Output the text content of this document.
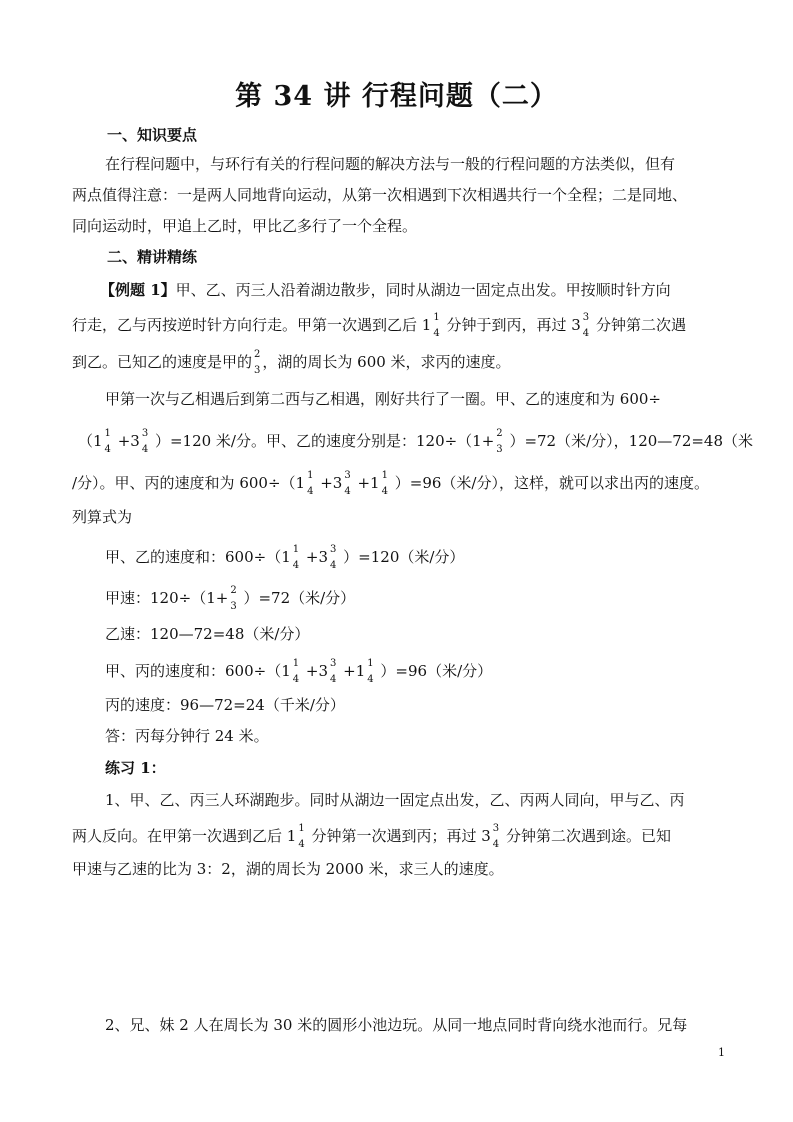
第 34 讲 行程问题（二）
一、知识要点
在行程问题中，与环行有关的行程问题的解决方法与一般的行程问题的方法类似，但有
两点值得注意：一是两人同地背向运动，从第一次相遇到下次相遇共行一个全程；二是同地、
同向运动时，甲追上乙时，甲比乙多行了一个全程。
二、精讲精练
【例题 1】甲、乙、丙三人沿着湖边散步，同时从湖边一固定点出发。甲按顺时针方向
行走，乙与丙按逆时针方向行走。甲第一次遇到乙后 1 1
4 分钟于到丙，再过 3 3
4 分钟第二次遇
到乙。已知乙的速度是甲的 2
3 ，湖的周长为 600 米，求丙的速度。
甲第一次与乙相遇后到第二西与乙相遇，刚好共行了一圈。甲、乙的速度和为 600÷
（1 1
4 +3 3
4 ）=120 米/分。甲、乙的速度分别是：120÷（1+ 2
3 ）=72（米/分），120—72=48（米
/分）。甲、丙的速度和为 600÷（1 1
4 +3 3
4 +1 1
4 ）=96（米/分），这样，就可以求出丙的速度。
列算式为
甲、乙的速度和：600÷（1 1
4 +3 3
4 ）=120（米/分）
甲速：120÷（1+ 2
3 ）=72（米/分）
乙速：120—72=48（米/分）
甲、丙的速度和：600÷（1 1
4 +3 3
4 +1 1
4 ）=96（米/分）
丙的速度：96—72=24（千米/分）
答：丙每分钟行 24 米。
练习 1：
1、甲、乙、丙三人环湖跑步。同时从湖边一固定点出发，乙、丙两人同向，甲与乙、丙
两人反向。在甲第一次遇到乙后 1 1
4 分钟第一次遇到丙；再过 3 3
4 分钟第二次遇到途。已知
甲速与乙速的比为 3：2，湖的周长为 2000 米，求三人的速度。
2、兄、妹 2 人在周长为 30 米的圆形小池边玩。从同一地点同时背向绕水池而行。兄每
1
